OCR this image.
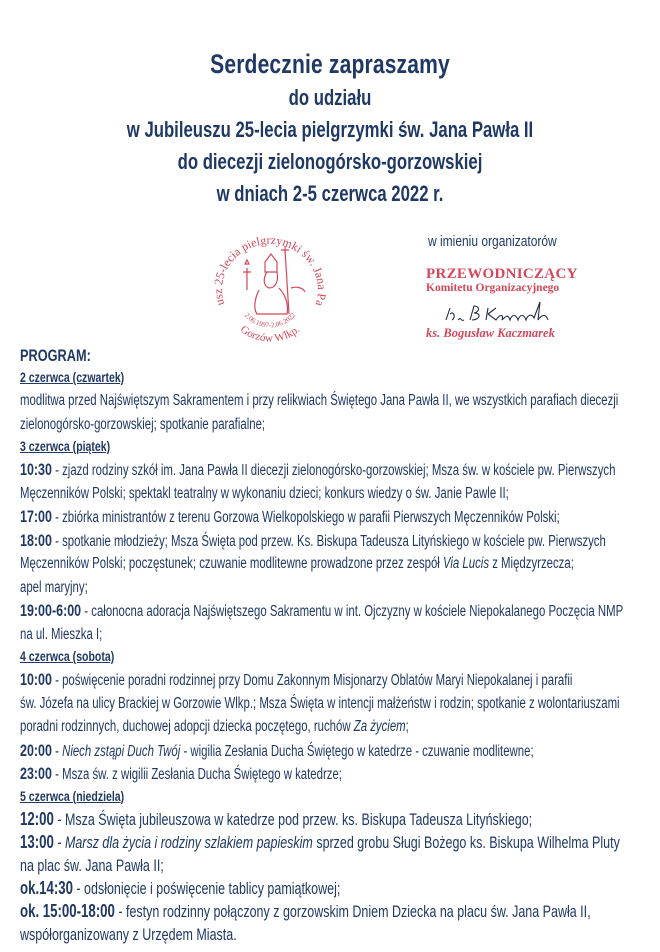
Serdecznie zapraszamy
do udziału
w Jubileuszu 25-lecia pielgrzymki św. Jana Pawła II
do diecezji zielonogórsko-gorzowskiej
w dniach 2-5 czerwca 2022 r.
usz 25-lecia pielgrzymki św. Jana Pa
2.06.1997-2.06.2022
Gorzów Wlkp.
w imieniu organizatorów
PRZEWODNICZĄCY
Komitetu Organizacyjnego
ks. Bogusław Kaczmarek
PROGRAM:
2 czerwca (czwartek)
modlitwa przed Najświętszym Sakramentem i przy relikwiach Świętego Jana Pawła II, we wszystkich parafiach diecezji
zielonogórsko-gorzowskiej; spotkanie parafialne;
3 czerwca (piątek)
10:30 - zjazd rodziny szkół im. Jana Pawła II diecezji zielonogórsko-gorzowskiej; Msza św. w kościele pw. Pierwszych
Męczenników Polski; spektakl teatralny w wykonaniu dzieci; konkurs wiedzy o św. Janie Pawle II;
17:00 - zbiórka ministrantów z terenu Gorzowa Wielkopolskiego w parafii Pierwszych Męczenników Polski;
18:00 - spotkanie młodzieży; Msza Święta pod przew. Ks. Biskupa Tadeusza Lityńskiego w kościele pw. Pierwszych
Męczenników Polski; poczęstunek; czuwanie modlitewne prowadzone przez zespół Via Lucis z Międzyrzecza;
apel maryjny;
19:00-6:00 - całonocna adoracja Najświętszego Sakramentu w int. Ojczyzny w kościele Niepokalanego Poczęcia NMP
na ul. Mieszka I;
4 czerwca (sobota)
10:00 - poświęcenie poradni rodzinnej przy Domu Zakonnym Misjonarzy Oblatów Maryi Niepokalanej i parafii
św. Józefa na ulicy Brackiej w Gorzowie Wlkp.; Msza Święta w intencji małżeństw i rodzin; spotkanie z wolontariuszami
poradni rodzinnych, duchowej adopcji dziecka poczętego, ruchów Za życiem;
20:00 - Niech zstąpi Duch Twój - wigilia Zesłania Ducha Świętego w katedrze - czuwanie modlitewne;
23:00 - Msza św. z wigilii Zesłania Ducha Świętego w katedrze;
5 czerwca (niedziela)
12:00 - Msza Święta jubileuszowa w katedrze pod przew. ks. Biskupa Tadeusza Lityńskiego;
13:00 - Marsz dla życia i rodziny szlakiem papieskim sprzed grobu Sługi Bożego ks. Biskupa Wilhelma Pluty
na plac św. Jana Pawła II;
ok.14:30 - odsłonięcie i poświęcenie tablicy pamiątkowej;
ok. 15:00-18:00 - festyn rodzinny połączony z gorzowskim Dniem Dziecka na placu św. Jana Pawła II,
współorganizowany z Urzędem Miasta.
